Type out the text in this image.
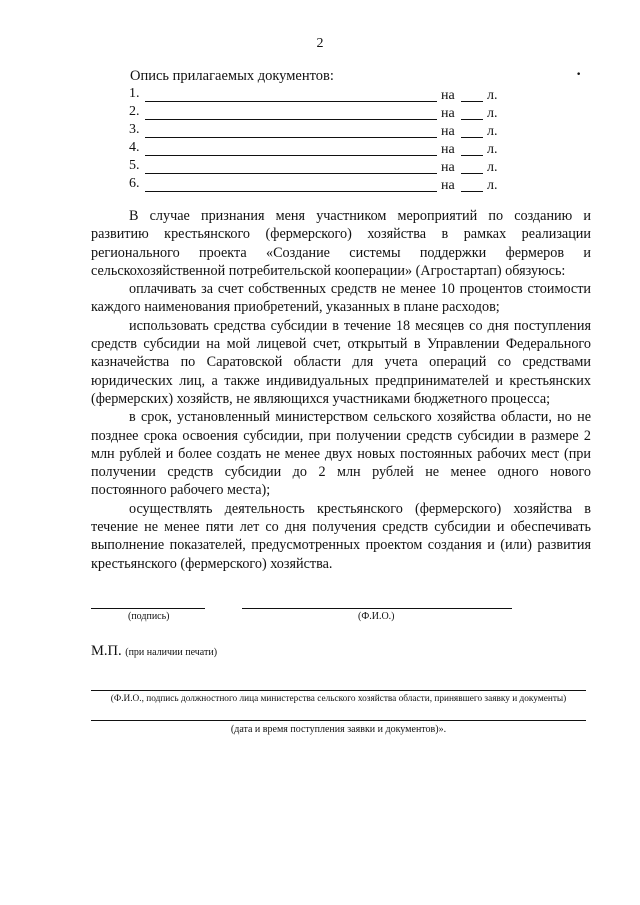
2
·
Опись прилагаемых документов:
1.	на л.
2.	на л.
3.	на л.
4.	на л.
5.	на л.
6.	на л.

В случае признания меня участником мероприятий по созданию и развитию крестьянского (фермерского) хозяйства в рамках реализации регионального проекта «Создание системы поддержки фермеров и сельскохозяйственной потребительской кооперации» (Агростартап) обязуюсь:

оплачивать за счет собственных средств не менее 10 процентов стоимости каждого наименования приобретений, указанных в плане расходов;

использовать средства субсидии в течение 18 месяцев со дня поступления средств субсидии на мой лицевой счет, открытый в Управлении Федерального казначейства по Саратовской области для учета операций со средствами юридических лиц, а также индивидуальных предпринимателей и крестьянских (фермерских) хозяйств, не являющихся участниками бюджетного процесса;

в срок, установленный министерством сельского хозяйства области, но не позднее срока освоения субсидии, при получении средств субсидии в размере 2 млн рублей и более создать не менее двух новых постоянных рабочих мест (при получении средств субсидии до 2 млн рублей не менее одного нового постоянного рабочего места);

осуществлять деятельность крестьянского (фермерского) хозяйства в течение не менее пяти лет со дня получения средств субсидии и обеспечивать выполнение показателей, предусмотренных проектом создания и (или) развития крестьянского (фермерского) хозяйства.

(подпись)	(Ф.И.О.)
М.П. (при наличии печати)
(Ф.И.О., подпись должностного лица министерства сельского хозяйства области, принявшего заявку и документы)
(дата и время поступления заявки и документов)».
